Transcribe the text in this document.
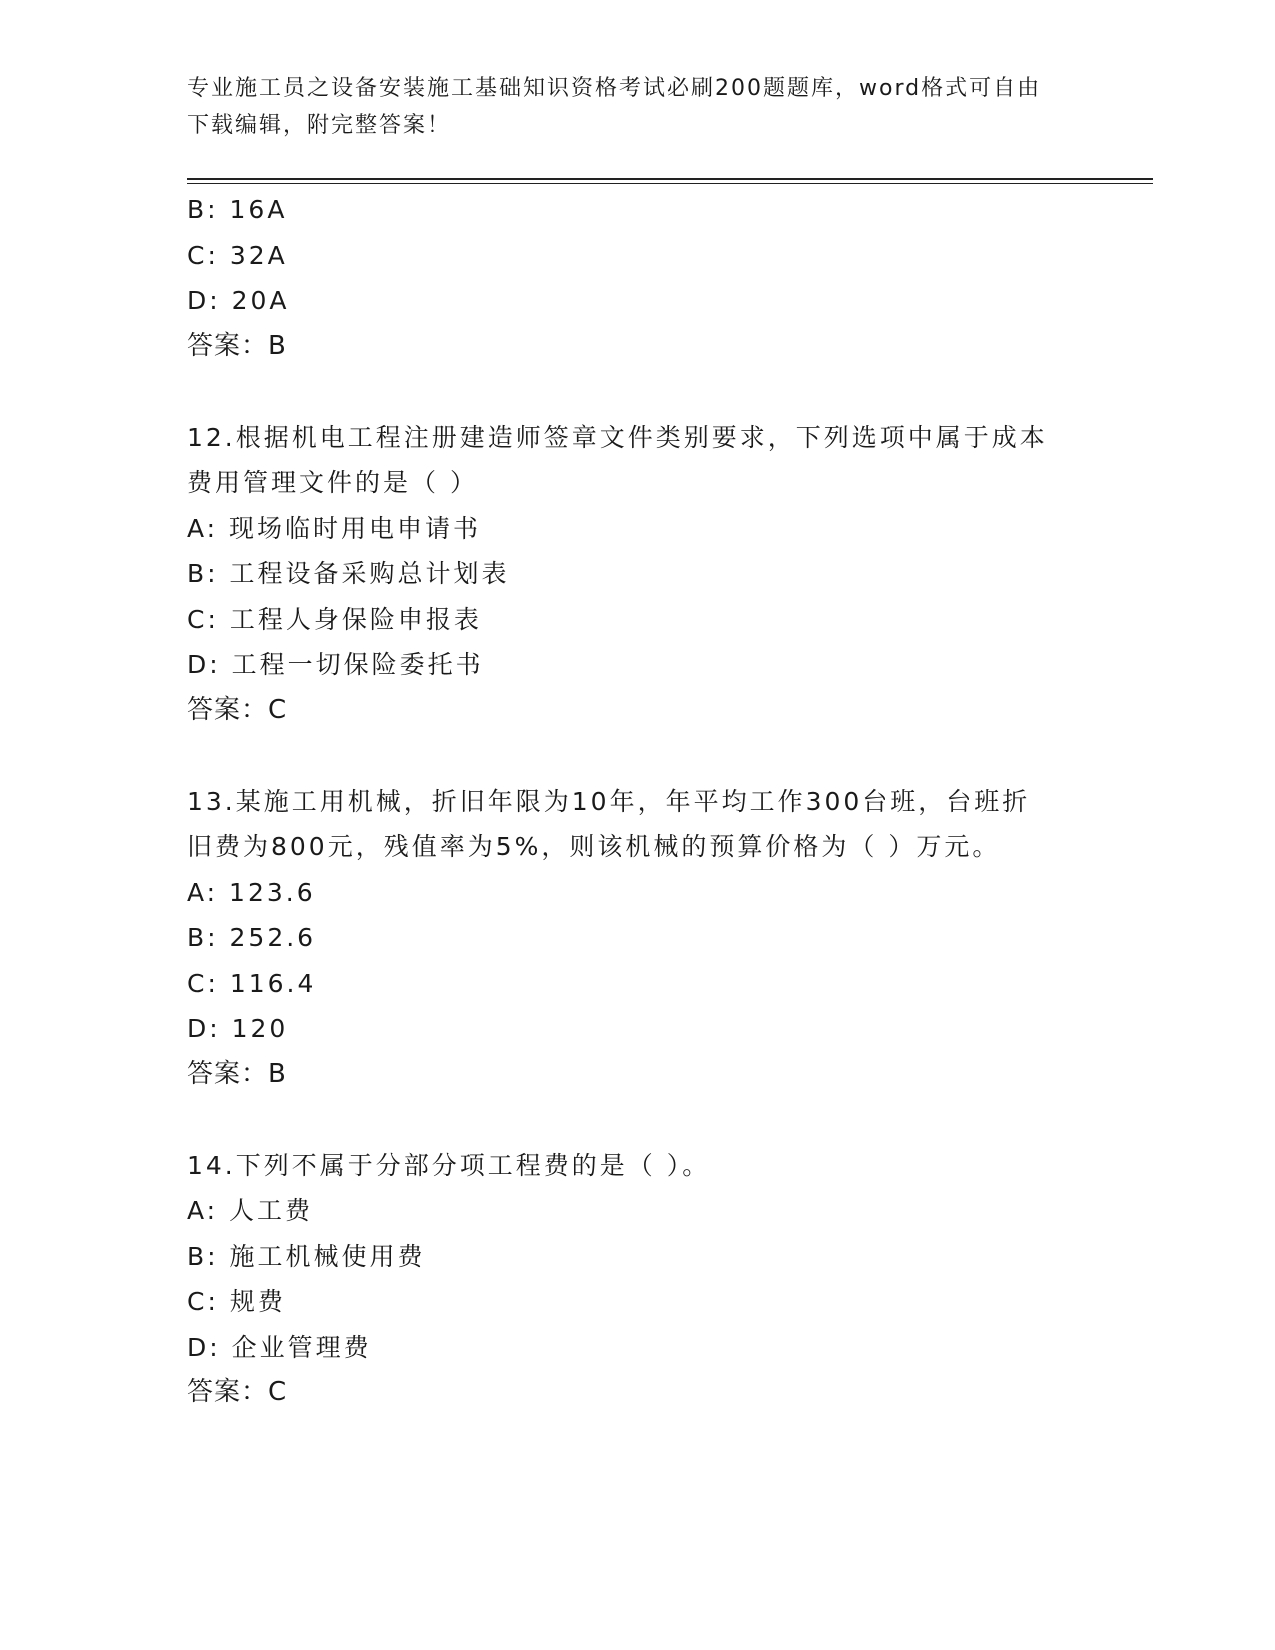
专业施工员之设备安装施工基础知识资格考试必刷200题题库，word格式可自由
下载编辑，附完整答案！
B: 16A
C: 32A
D: 20A
答案：B
12.根据机电工程注册建造师签章文件类别要求，下列选项中属于成本
费用管理文件的是（ ）
A: 现场临时用电申请书
B: 工程设备采购总计划表
C: 工程人身保险申报表
D: 工程一切保险委托书
答案：C
13.某施工用机械，折旧年限为10年，年平均工作300台班，台班折
旧费为800元，残值率为5%，则该机械的预算价格为（ ）万元。
A: 123.6
B: 252.6
C: 116.4
D: 120
答案：B
14.下列不属于分部分项工程费的是（ ）。
A: 人工费
B: 施工机械使用费
C: 规费
D: 企业管理费
答案：C
